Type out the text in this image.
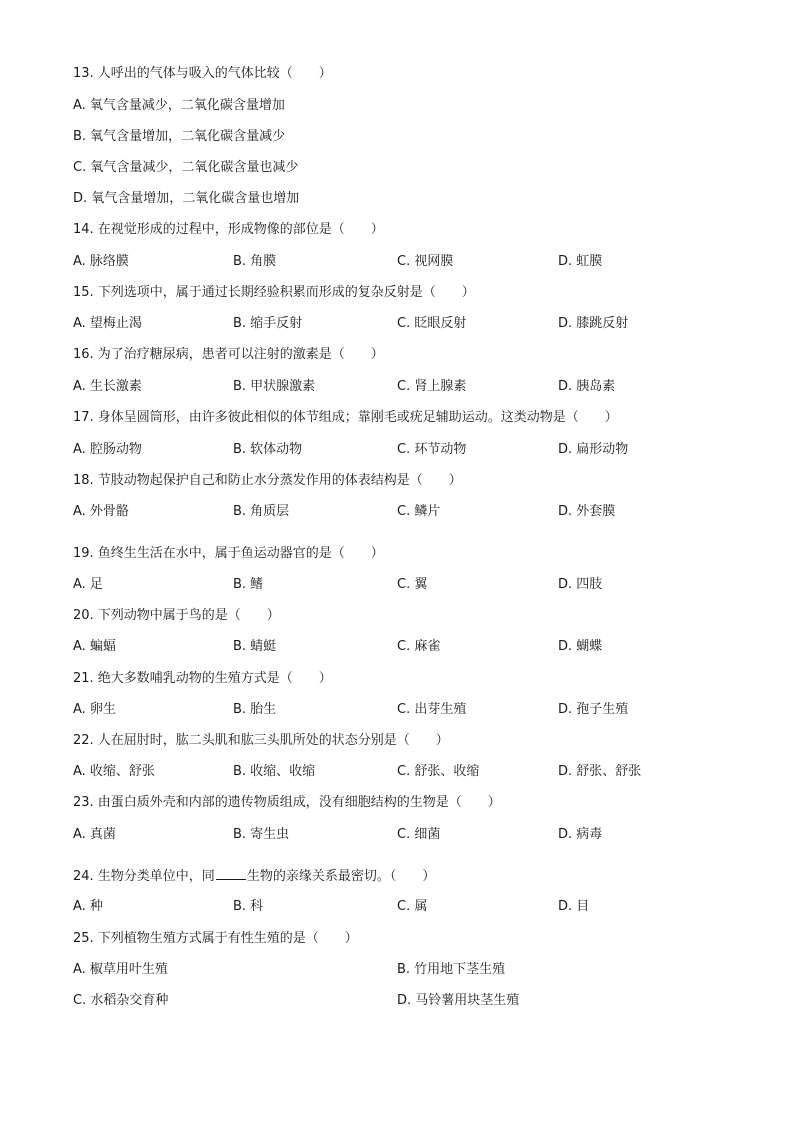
13. 人呼出的气体与吸入的气体比较（　　）
A. 氧气含量减少，二氧化碳含量增加
B. 氧气含量增加，二氧化碳含量减少
C. 氧气含量减少，二氧化碳含量也减少
D. 氧气含量增加，二氧化碳含量也增加
14. 在视觉形成的过程中，形成物像的部位是（　　）
A. 脉络膜	B. 角膜	C. 视网膜	D. 虹膜
15. 下列选项中，属于通过长期经验积累而形成的复杂反射是（　　）
A. 望梅止渴	B. 缩手反射	C. 眨眼反射	D. 膝跳反射
16. 为了治疗糖尿病，患者可以注射的激素是（　　）
A. 生长激素	B. 甲状腺激素	C. 肾上腺素	D. 胰岛素
17. 身体呈圆筒形，由许多彼此相似的体节组成；靠刚毛或疣足辅助运动。这类动物是（　　）
A. 腔肠动物	B. 软体动物	C. 环节动物	D. 扁形动物
18. 节肢动物起保护自己和防止水分蒸发作用的体表结构是（　　）
A. 外骨骼	B. 角质层	C. 鳞片	D. 外套膜
19. 鱼终生生活在水中，属于鱼运动器官的是（　　）
A. 足	B. 鳍	C. 翼	D. 四肢
20. 下列动物中属于鸟的是（　　）
A. 蝙蝠	B. 蜻蜓	C. 麻雀	D. 蝴蝶
21. 绝大多数哺乳动物的生殖方式是（　　）
A. 卵生	B. 胎生	C. 出芽生殖	D. 孢子生殖
22. 人在屈肘时，肱二头肌和肱三头肌所处的状态分别是（　　）
A. 收缩、舒张	B. 收缩、收缩	C. 舒张、收缩	D. 舒张、舒张
23. 由蛋白质外壳和内部的遗传物质组成，没有细胞结构的生物是（　　）
A. 真菌	B. 寄生虫	C. 细菌	D. 病毒
24. 生物分类单位中，同 生物的亲缘关系最密切。（　　）
A. 种	B. 科	C. 属	D. 目
25. 下列植物生殖方式属于有性生殖的是（　　）
A. 椒草用叶生殖	B. 竹用地下茎生殖
C. 水稻杂交育种	D. 马铃薯用块茎生殖
